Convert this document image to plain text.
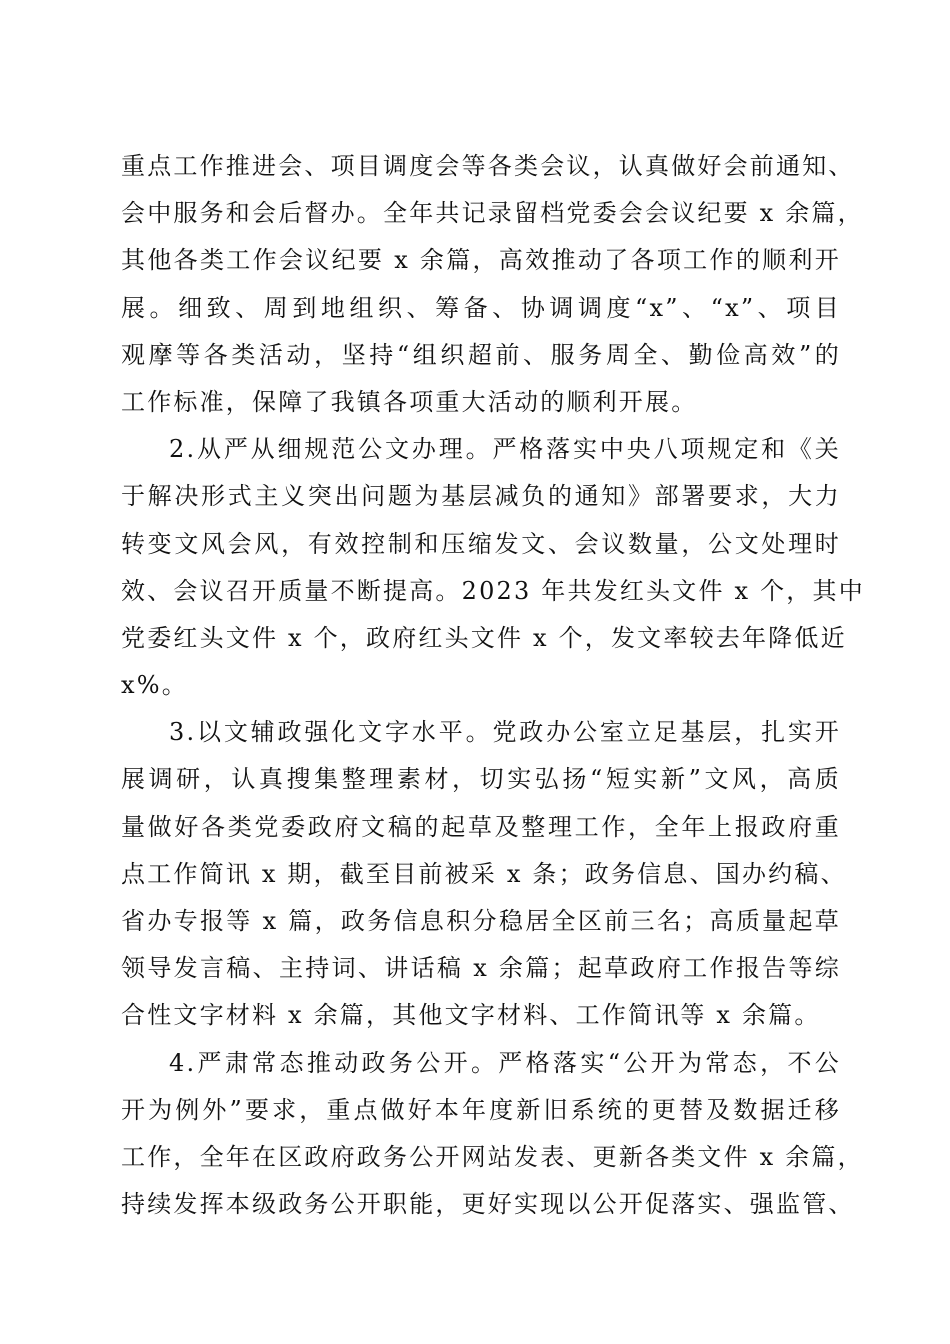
重点工作推进会、项目调度会等各类会议，认真做好会前通知、
会中服务和会后督办。全年共记录留档党委会会议纪要 x 余篇，
其他各类工作会议纪要 x 余篇，高效推动了各项工作的顺利开
展。细致、周到地组织、筹备、协调调度“x”、“x”、项目
观摩等各类活动，坚持“组织超前、服务周全、勤俭高效”的
工作标准，保障了我镇各项重大活动的顺利开展。
2.从严从细规范公文办理。严格落实中央八项规定和《关
于解决形式主义突出问题为基层减负的通知》部署要求，大力
转变文风会风，有效控制和压缩发文、会议数量，公文处理时
效、会议召开质量不断提高。2023 年共发红头文件 x 个，其中
党委红头文件 x 个，政府红头文件 x 个，发文率较去年降低近
x%。
3.以文辅政强化文字水平。党政办公室立足基层，扎实开
展调研，认真搜集整理素材，切实弘扬“短实新”文风，高质
量做好各类党委政府文稿的起草及整理工作，全年上报政府重
点工作简讯 x 期，截至目前被采 x 条；政务信息、国办约稿、
省办专报等 x 篇，政务信息积分稳居全区前三名；高质量起草
领导发言稿、主持词、讲话稿 x 余篇；起草政府工作报告等综
合性文字材料 x 余篇，其他文字材料、工作简讯等 x 余篇。
4.严肃常态推动政务公开。严格落实“公开为常态，不公
开为例外”要求，重点做好本年度新旧系统的更替及数据迁移
工作，全年在区政府政务公开网站发表、更新各类文件 x 余篇，
持续发挥本级政务公开职能，更好实现以公开促落实、强监管、
